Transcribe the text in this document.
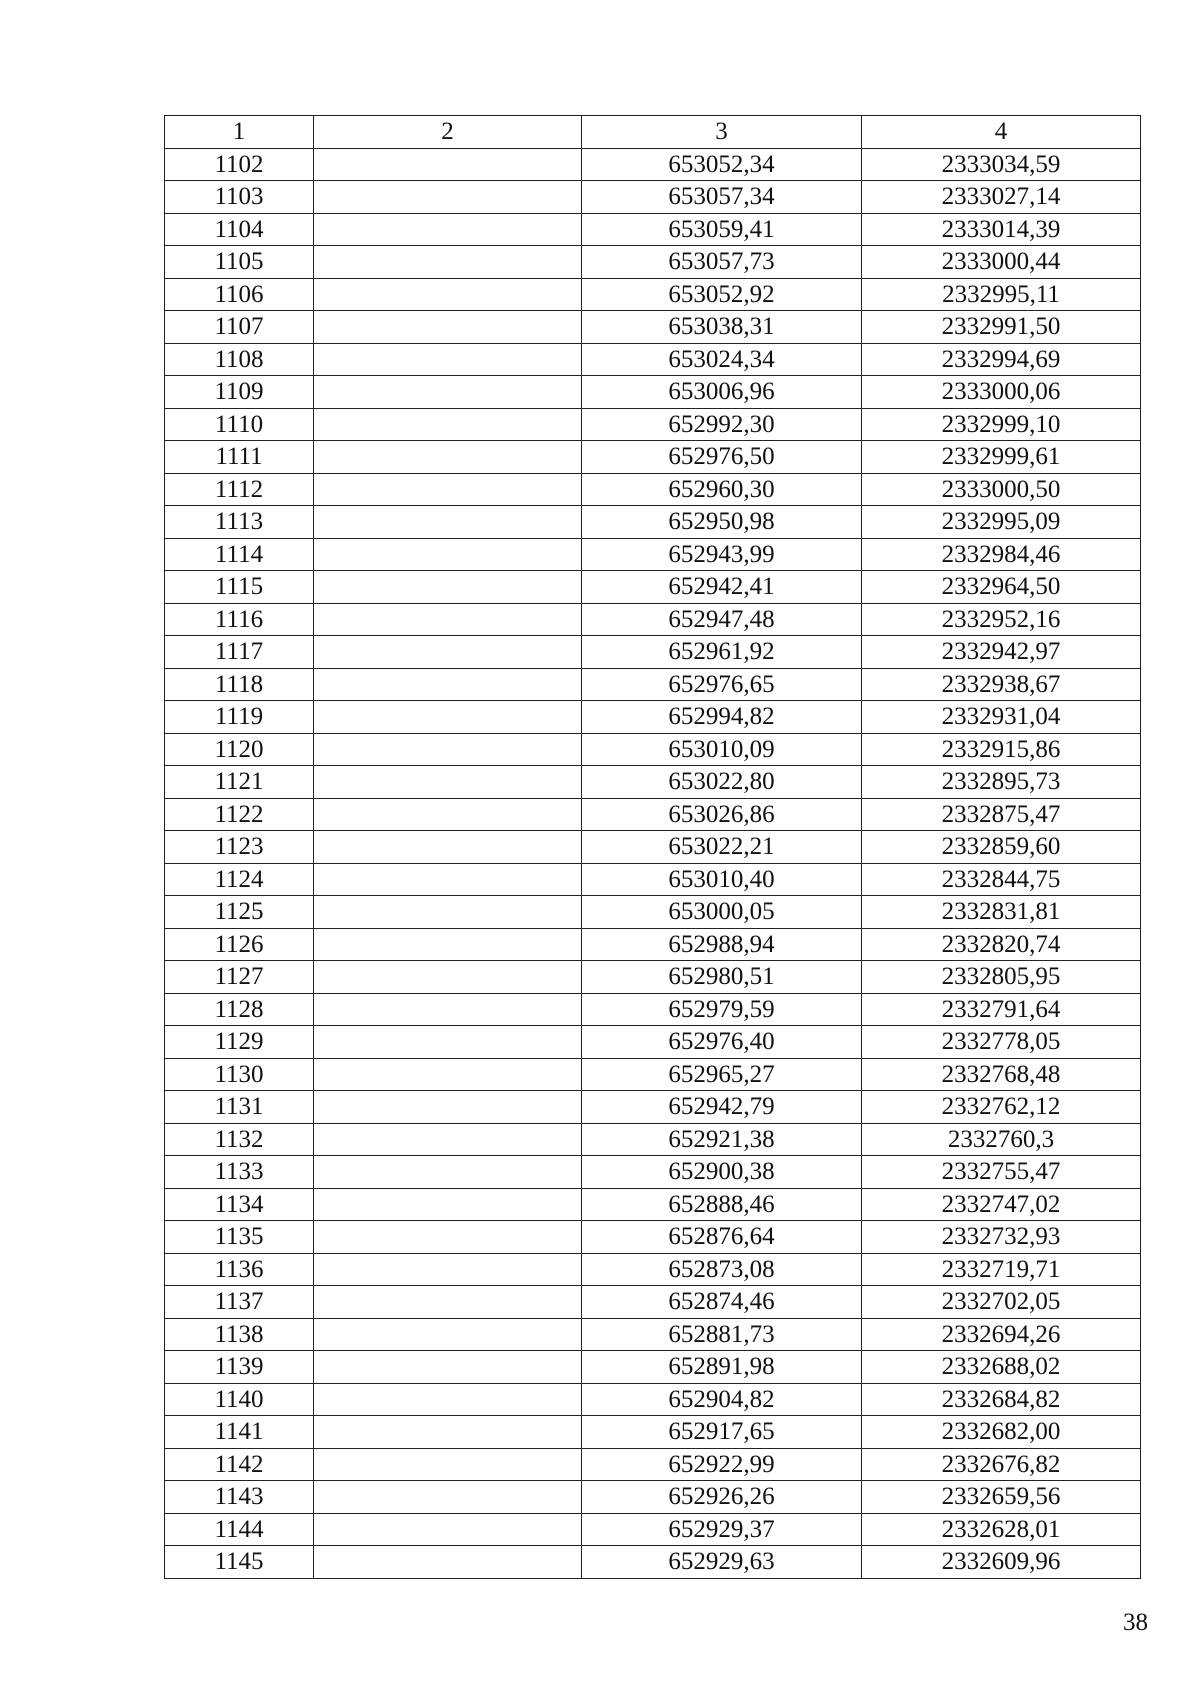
1	2	3	4
1102		653052,34	2333034,59
1103		653057,34	2333027,14
1104		653059,41	2333014,39
1105		653057,73	2333000,44
1106		653052,92	2332995,11
1107		653038,31	2332991,50
1108		653024,34	2332994,69
1109		653006,96	2333000,06
1110		652992,30	2332999,10
1111		652976,50	2332999,61
1112		652960,30	2333000,50
1113		652950,98	2332995,09
1114		652943,99	2332984,46
1115		652942,41	2332964,50
1116		652947,48	2332952,16
1117		652961,92	2332942,97
1118		652976,65	2332938,67
1119		652994,82	2332931,04
1120		653010,09	2332915,86
1121		653022,80	2332895,73
1122		653026,86	2332875,47
1123		653022,21	2332859,60
1124		653010,40	2332844,75
1125		653000,05	2332831,81
1126		652988,94	2332820,74
1127		652980,51	2332805,95
1128		652979,59	2332791,64
1129		652976,40	2332778,05
1130		652965,27	2332768,48
1131		652942,79	2332762,12
1132		652921,38	2332760,3
1133		652900,38	2332755,47
1134		652888,46	2332747,02
1135		652876,64	2332732,93
1136		652873,08	2332719,71
1137		652874,46	2332702,05
1138		652881,73	2332694,26
1139		652891,98	2332688,02
1140		652904,82	2332684,82
1141		652917,65	2332682,00
1142		652922,99	2332676,82
1143		652926,26	2332659,56
1144		652929,37	2332628,01
1145		652929,63	2332609,96
38
